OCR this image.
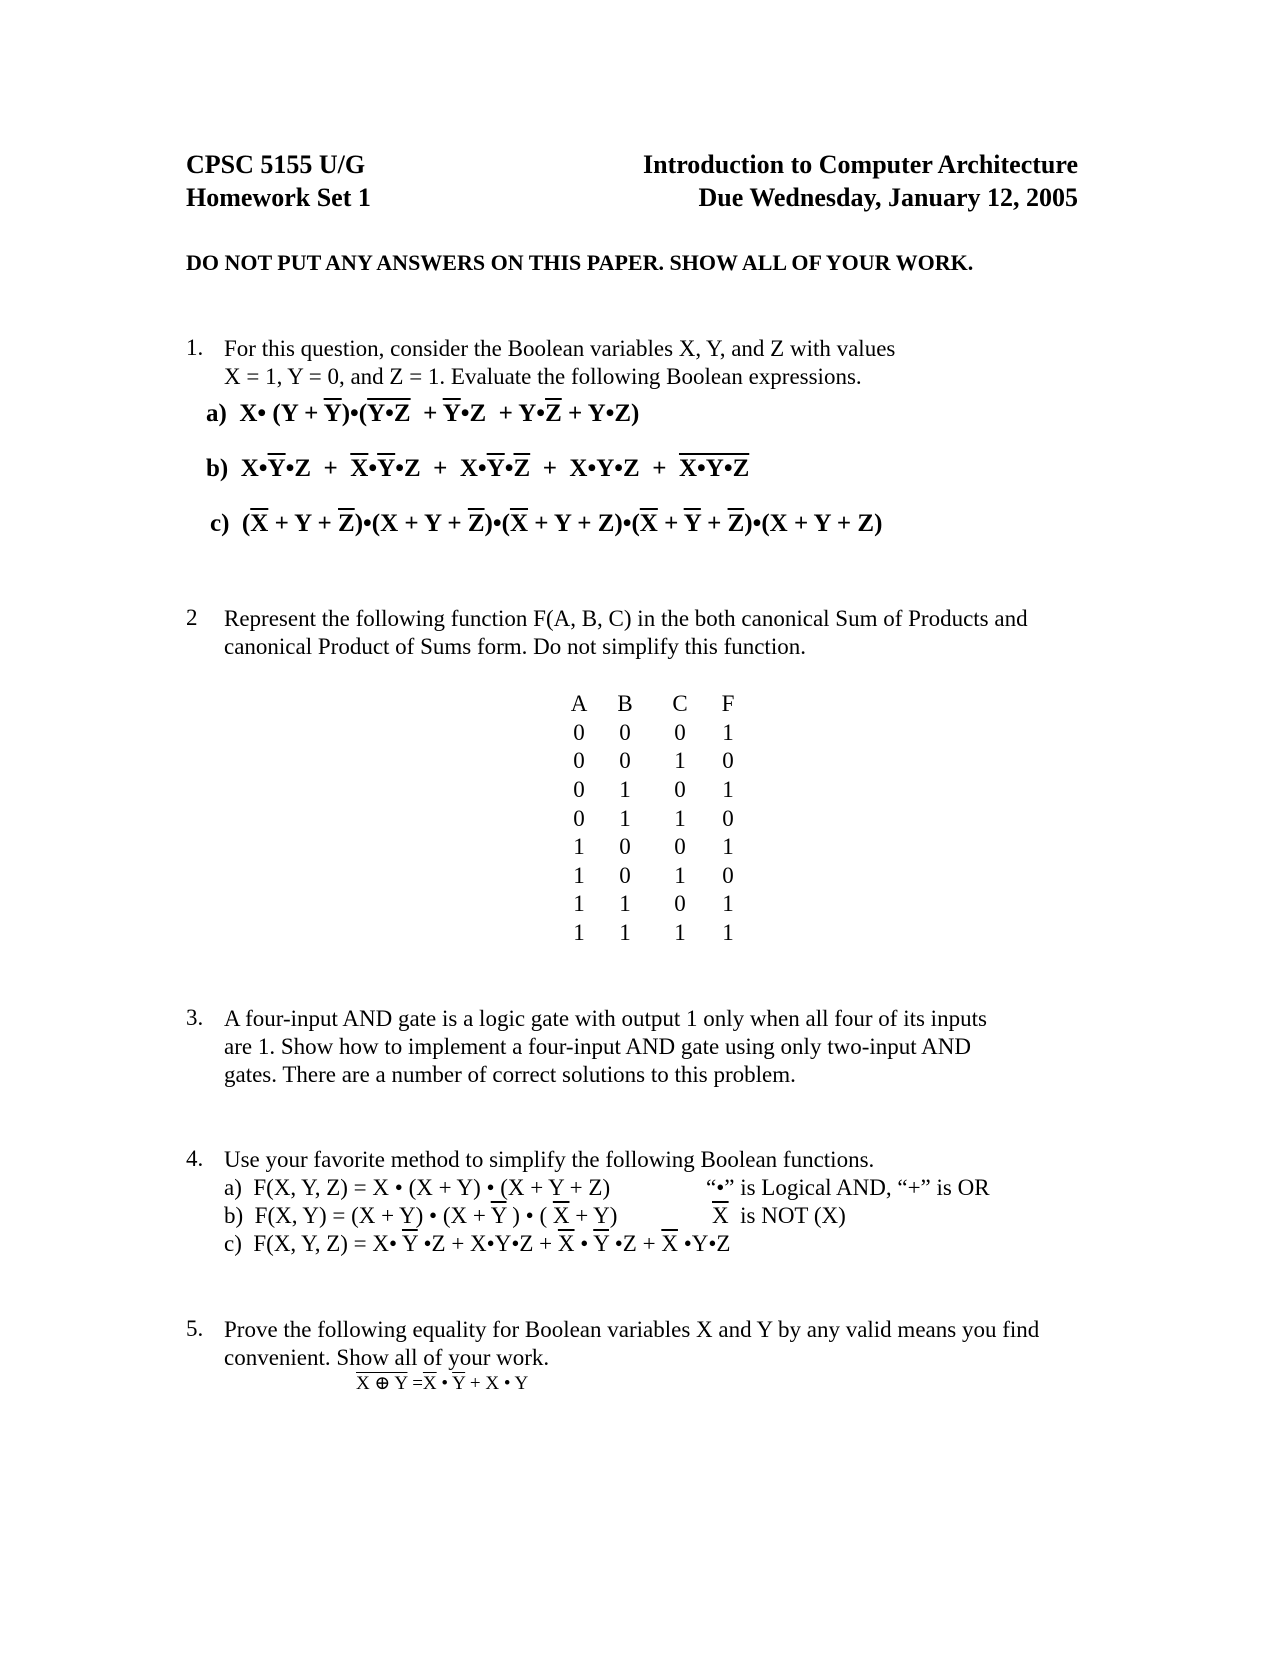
CPSC 5155 U/G
Homework Set 1
Introduction to Computer Architecture
Due Wednesday, January 12, 2005
DO NOT PUT ANY ANSWERS ON THIS PAPER. SHOW ALL OF YOUR WORK.
1. For this question, consider the Boolean variables X, Y, and Z with values
X = 1, Y = 0, and Z = 1. Evaluate the following Boolean expressions.
a)  X• $(Y + \overline{Y})•(Y•Z$  + $\overline{Y}•Z$  + $Y•\overline{Z}$ + Y•Z)
b)  $X•\overline{Y}•Z$  +  $\overline{X}•\overline{Y}•Z$  +  $X•\overline{Y}•\overline{Z}$  +  X•Y•Z  +  X•Y•Z
c)  ($\overline{X} + Y$ + $\overline{Z})•(X + Y$ + $\overline{Z})•(\overline{X} + Y$ + $Z)•(\overline{X} + \overline{Y}$ + $\overline{Z})•(X + Y + Z)$
2 Represent the following function F(A, B, C) in the both canonical Sum of Products and
canonical Product of Sums form. Do not simplify this function.
A	B	C	F
0	0	0	1
0	0	1	0
0	1	0	1
0	1	1	0
1	0	0	1
1	0	1	0
1	1	0	1
1	1	1	1
3. A four-input AND gate is a logic gate with output 1 only when all four of its inputs
are 1. Show how to implement a four-input AND gate using only two-input AND
gates. There are a number of correct solutions to this problem.
4. Use your favorite method to simplify the following Boolean functions.
a)  F(X, Y, Z) = X • (X + Y) • (X + Y + Z)	“•” is Logical AND, “+” is OR
b)  F(X, Y) = (X + Y) • ($X + \overline{Y}$ ) • ( $\overline{X} + Y$)	$\overline{X}$ is NOT (X)
c)  F(X, Y, Z) = X• $\overline{Y}$ •Z + X•Y•Z + $\overline{X}$ • $\overline{Y}$ •Z + $\overline{X}$ •Y•Z
5. Prove the following equality for Boolean variables X and Y by any valid means you find
convenient. Show all of your work.
X ⊕ $Y =\overline{X}$ • $\overline{Y} + X$ • Y
